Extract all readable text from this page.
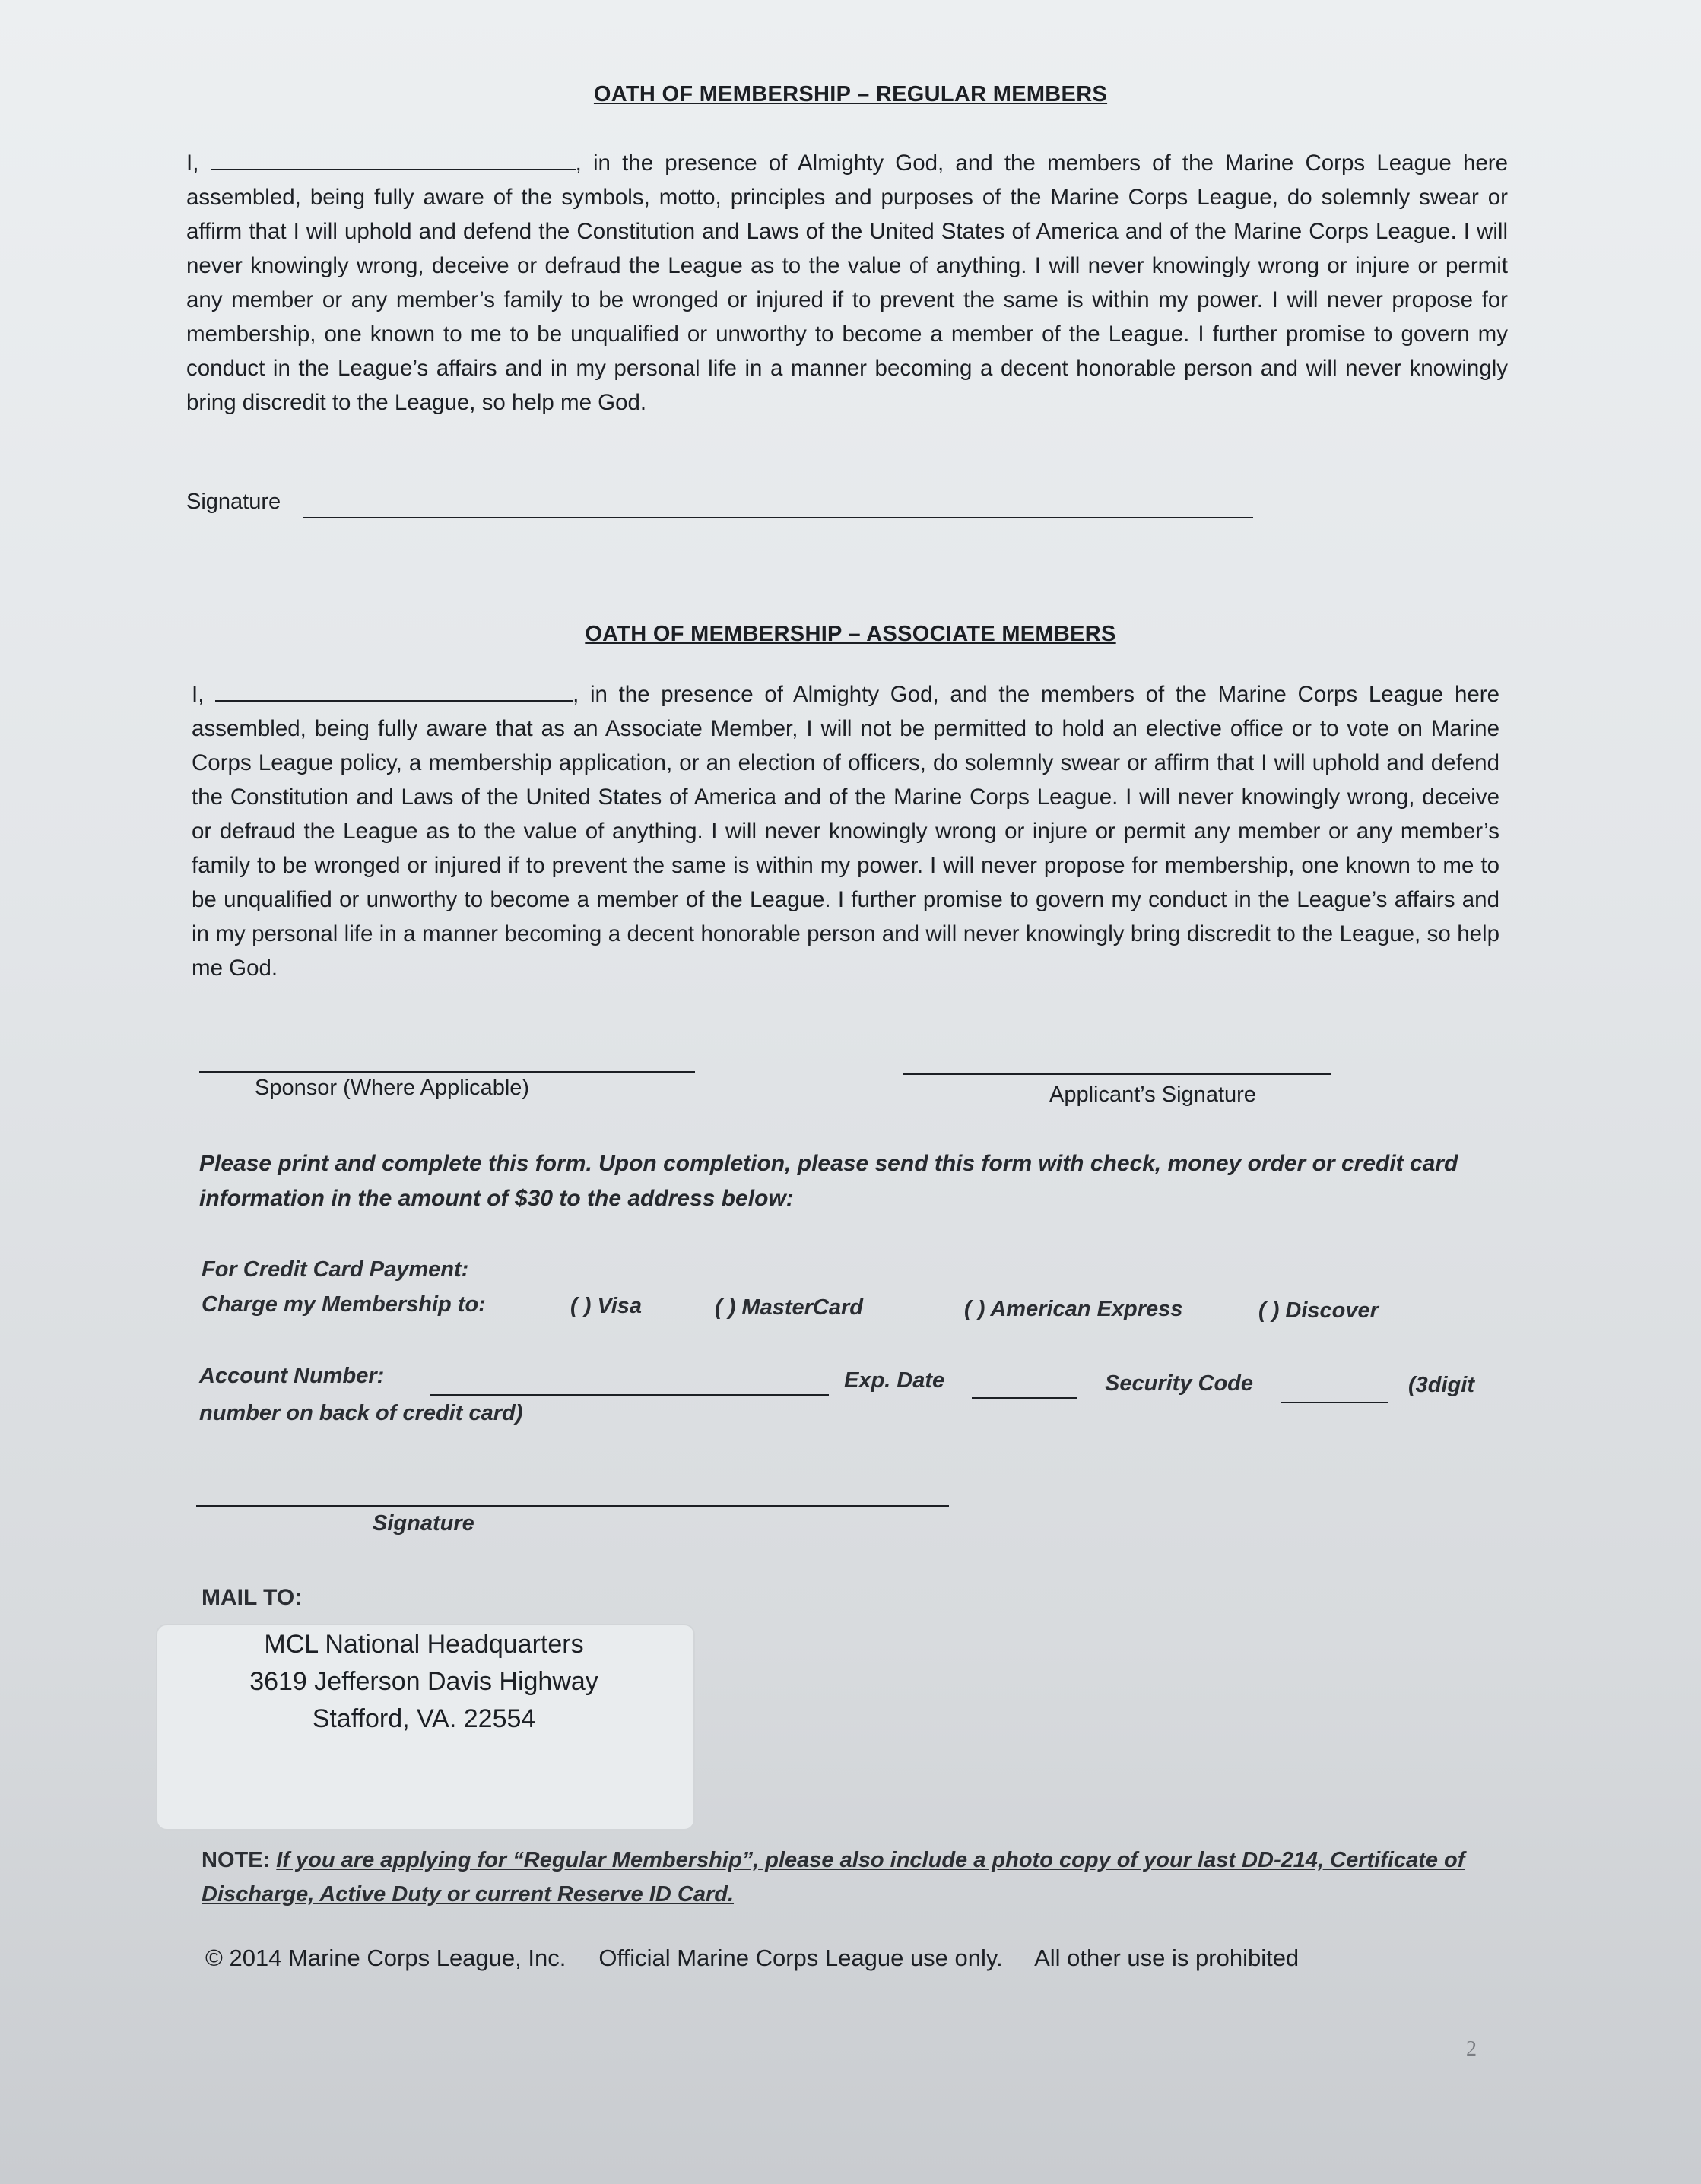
OATH OF MEMBERSHIP – REGULAR MEMBERS
I,	, in the presence of Almighty God, and the members of the Marine Corps League here assembled, being fully aware of the symbols, motto, principles and purposes of the Marine Corps League, do solemnly swear or affirm that I will uphold and defend the Constitution and Laws of the United States of America and of the Marine Corps League. I will never knowingly wrong, deceive or defraud the League as to the value of anything. I will never knowingly wrong or injure or permit any member or any member’s family to be wronged or injured if to prevent the same is within my power. I will never propose for membership, one known to me to be unqualified or unworthy to become a member of the League. I further promise to govern my conduct in the League’s affairs and in my personal life in a manner becoming a decent honorable person and will never knowingly bring discredit to the League, so help me God.
Signature
OATH OF MEMBERSHIP – ASSOCIATE MEMBERS
I,	, in the presence of Almighty God, and the members of the Marine Corps League here assembled, being fully aware that as an Associate Member, I will not be permitted to hold an elective office or to vote on Marine Corps League policy, a membership application, or an election of officers, do solemnly swear or affirm that I will uphold and defend the Constitution and Laws of the United States of America and of the Marine Corps League. I will never knowingly wrong, deceive or defraud the League as to the value of anything. I will never knowingly wrong or injure or permit any member or any member’s family to be wronged or injured if to prevent the same is within my power. I will never propose for membership, one known to me to be unqualified or unworthy to become a member of the League. I further promise to govern my conduct in the League’s affairs and in my personal life in a manner becoming a decent honorable person and will never knowingly bring discredit to the League, so help me God.
Sponsor (Where Applicable)	Applicant’s Signature
Please print and complete this form. Upon completion, please send this form with check, money order or credit card information in the amount of $30 to the address below:
For Credit Card Payment:
Charge my Membership to:	( ) Visa	( ) MasterCard	( ) American Express	( ) Discover
Account Number:	Exp. Date	Security Code	(3digit
number on back of credit card)
Signature
MAIL TO:
MCL National Headquarters
3619 Jefferson Davis Highway
Stafford, VA. 22554
NOTE: If you are applying for “Regular Membership”, please also include a photo copy of your last DD-214, Certificate of Discharge, Active Duty or current Reserve ID Card.
© 2014 Marine Corps League, Inc. Official Marine Corps League use only. All other use is prohibited
2
